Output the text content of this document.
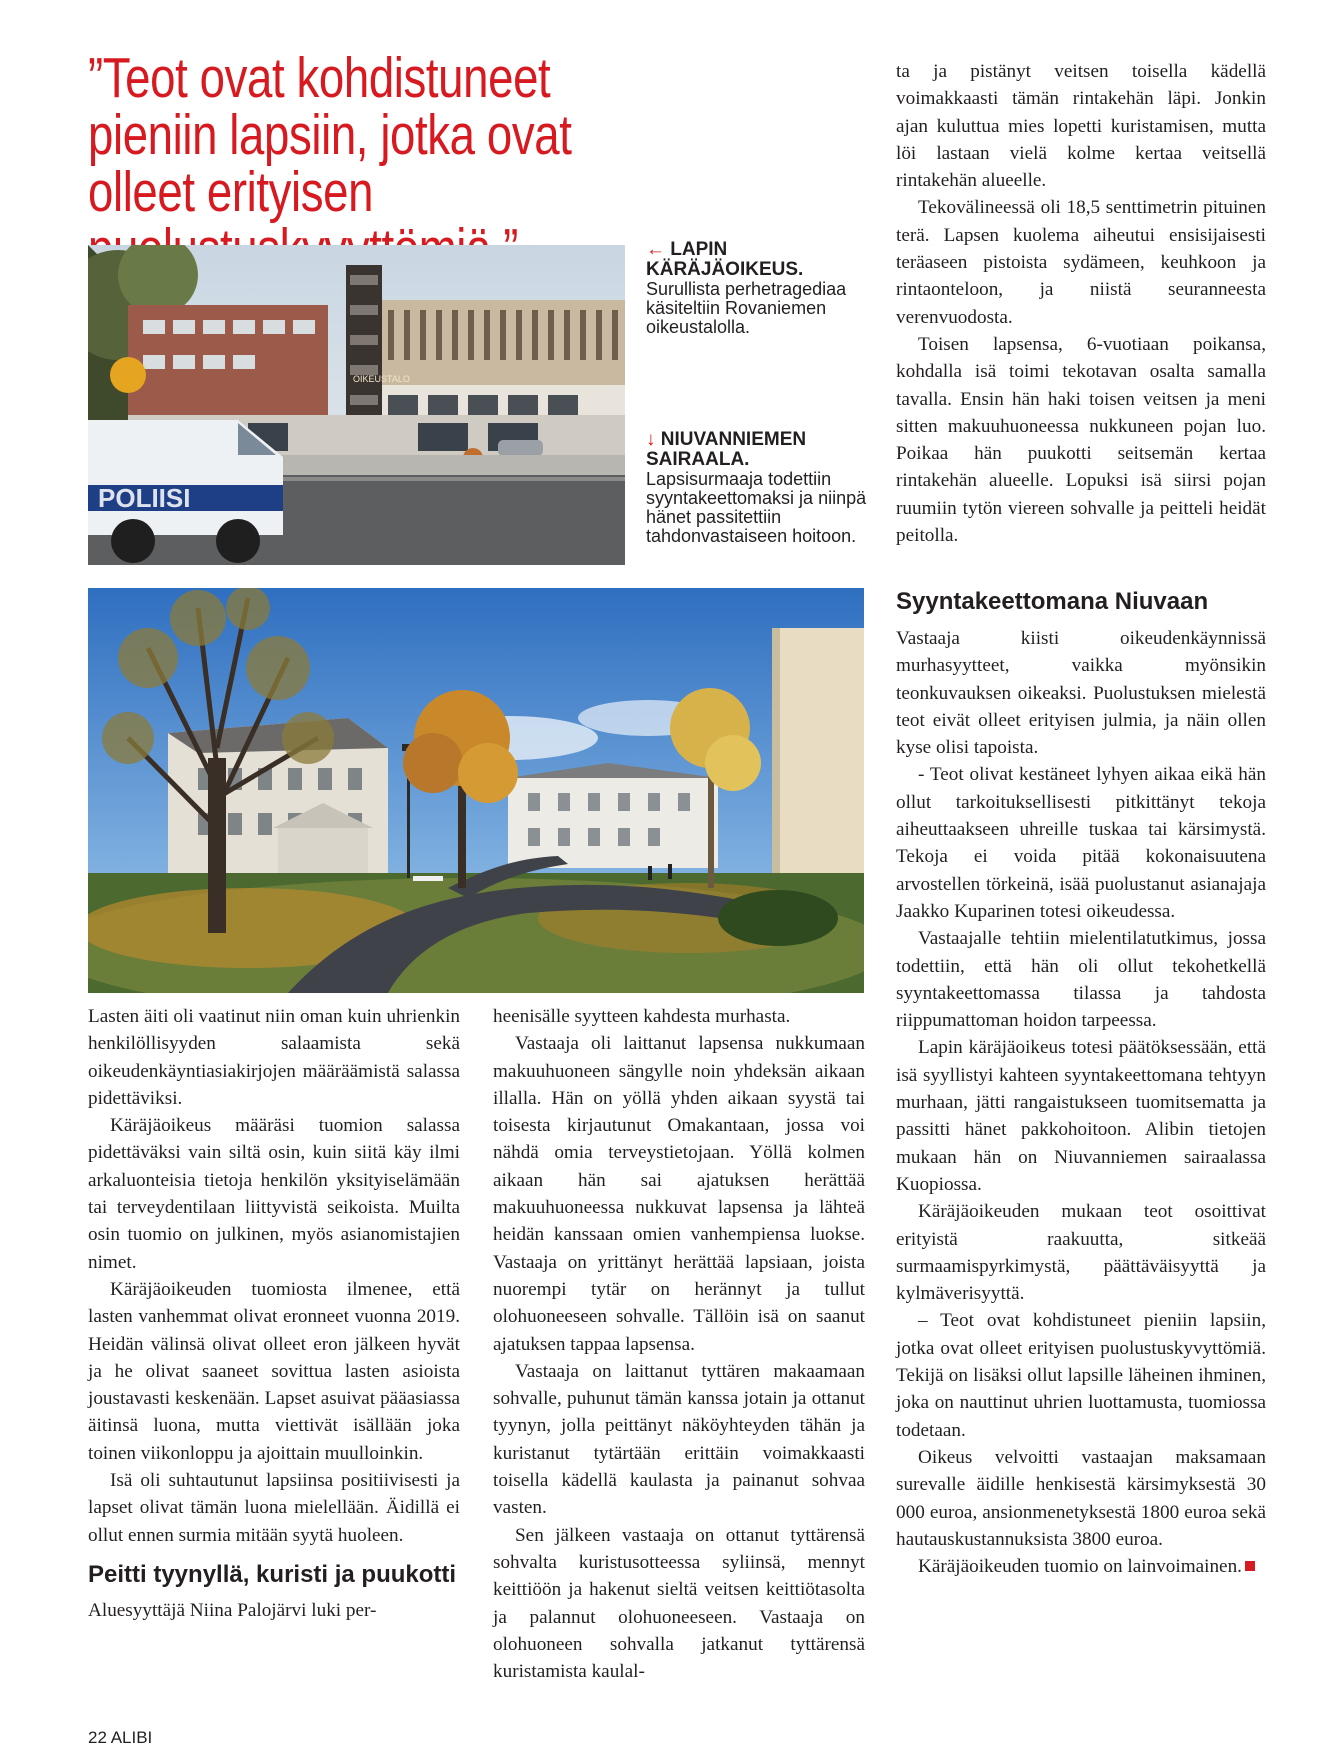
”Teot ovat kohdistuneet pieniin lapsiin, jotka ovat olleet erityisen
OIKEUSTALO
POLIISI
← LAPIN KÄRÄJÄOIKEUS.
Surullista perhetragediaa käsiteltiin Rovaniemen oikeustalolla.
↓ NIUVANNIEMEN SAIRAALA.
Lapsisurmaaja todettiin syyntakeettomaksi ja niinpä hänet passitettiin tahdonvastaiseen hoitoon.

Lasten äiti oli vaatinut niin oman kuin uhrienkin henkilöllisyyden salaamista sekä oikeudenkäyntiasiakirjojen määräämistä salassa pidettäviksi.

Käräjäoikeus määräsi tuomion salassa pidettäväksi vain siltä osin, kuin siitä käy ilmi arkaluonteisia tietoja henkilön yksityiselämään tai terveydentilaan liittyvistä seikoista. Muilta osin tuomio on julkinen, myös asianomistajien nimet.

Käräjäoikeuden tuomiosta ilmenee, että lasten vanhemmat olivat eronneet vuonna 2019. Heidän välinsä olivat olleet eron jälkeen hyvät ja he olivat saaneet sovittua lasten asioista joustavasti keskenään. Lapset asuivat pääasiassa äitinsä luona, mutta viettivät isällään joka toinen viikonloppu ja ajoittain muulloinkin.

Isä oli suhtautunut lapsiinsa positiivisesti ja lapset olivat tämän luona mielellään. Äidillä ei ollut ennen surmia mitään syytä huoleen.

Peitti tyynyllä, kuristi ja puukotti

Aluesyyttäjä Niina Palojärvi luki per-

heenisälle syytteen kahdesta murhasta.

Vastaaja oli laittanut lapsensa nukkumaan makuuhuoneen sängylle noin yhdeksän aikaan illalla. Hän on yöllä yhden aikaan syystä tai toisesta kirjautunut Omakantaan, jossa voi nähdä omia terveystietojaan. Yöllä kolmen aikaan hän sai ajatuksen herättää makuuhuoneessa nukkuvat lapsensa ja lähteä heidän kanssaan omien vanhempiensa luokse. Vastaaja on yrittänyt herättää lapsiaan, joista nuorempi tytär on herännyt ja tullut olohuoneeseen sohvalle. Tällöin isä on saanut ajatuksen tappaa lapsensa.

Vastaaja on laittanut tyttären makaamaan sohvalle, puhunut tämän kanssa jotain ja ottanut tyynyn, jolla peittänyt näköyhteyden tähän ja kuristanut tytärtään erittäin voimakkaasti toisella kädellä kaulasta ja painanut sohvaa vasten.

Sen jälkeen vastaaja on ottanut tyttärensä sohvalta kuristusotteessa syliinsä, mennyt keittiöön ja hakenut sieltä veitsen keittiötasolta ja palannut olohuoneeseen. Vastaaja on olohuoneen sohvalla jatkanut tyttärensä kuristamista kaulal-

ta ja pistänyt veitsen toisella kädellä voimakkaasti tämän rintakehän läpi. Jonkin ajan kuluttua mies lopetti kuristamisen, mutta löi lastaan vielä kolme kertaa veitsellä rintakehän alueelle.

Tekovälineessä oli 18,5 senttimetrin pituinen terä. Lapsen kuolema aiheutui ensisijaisesti teräaseen pistoista sydämeen, keuhkoon ja rintaonteloon, ja niistä seuranneesta verenvuodosta.

Toisen lapsensa, 6-vuotiaan poikansa, kohdalla isä toimi tekotavan osalta samalla tavalla. Ensin hän haki toisen veitsen ja meni sitten makuuhuoneessa nukkuneen pojan luo. Poikaa hän puukotti seitsemän kertaa rintakehän alueelle. Lopuksi isä siirsi pojan ruumiin tytön viereen sohvalle ja peitteli heidät peitolla.

Syyntakeettomana Niuvaan

Vastaaja kiisti oikeudenkäynnissä murhasyytteet, vaikka myönsikin teonkuvauksen oikeaksi. Puolustuksen mielestä teot eivät olleet erityisen julmia, ja näin ollen kyse olisi tapoista.

- Teot olivat kestäneet lyhyen aikaa eikä hän ollut tarkoituksellisesti pitkittänyt tekoja aiheuttaakseen uhreille tuskaa tai kärsimystä. Tekoja ei voida pitää kokonaisuutena arvostellen törkeinä, isää puolustanut asianajaja Jaakko Kuparinen totesi oikeudessa.

Vastaajalle tehtiin mielentilatutkimus, jossa todettiin, että hän oli ollut tekohetkellä syyntakeettomassa tilassa ja tahdosta riippumattoman hoidon tarpeessa.

Lapin käräjäoikeus totesi päätöksessään, että isä syyllistyi kahteen syyntakeettomana tehtyyn murhaan, jätti rangaistukseen tuomitsematta ja passitti hänet pakkohoitoon. Alibin tietojen mukaan hän on Niuvanniemen sairaalassa Kuopiossa.

Käräjäoikeuden mukaan teot osoittivat erityistä raakuutta, sitkeää surmaamispyrkimystä, päättäväisyyttä ja kylmäverisyyttä.

– Teot ovat kohdistuneet pieniin lapsiin, jotka ovat olleet erityisen puolustuskyvyttömiä. Tekijä on lisäksi ollut lapsille läheinen ihminen, joka on nauttinut uhrien luottamusta, tuomiossa todetaan.

Oikeus velvoitti vastaajan maksamaan surevalle äidille henkisestä kärsimyksestä 30 000 euroa, ansionmenetyksestä 1800 euroa sekä hautauskustannuksista 3800 euroa.

Käräjäoikeuden tuomio on lainvoimainen.

22 ALIBI
